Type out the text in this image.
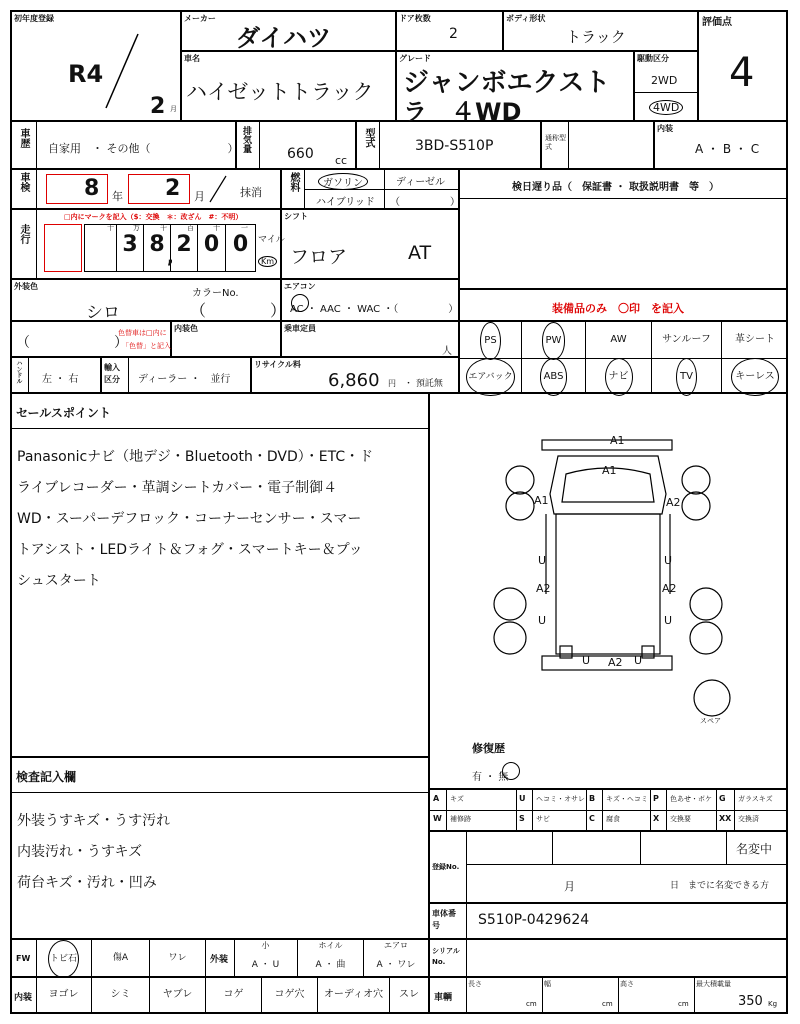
初年度登録
R4
2 月
メーカー
ダイハツ
ドア枚数
2
ボディ形状
トラック
評価点
4
車名
ハイゼットトラック
グレード
ジャンボエクスト
ラ　４WD
駆動区分
2WD
4WD
車歴
自家用　・ その他（　　　　　　　） 排気量
660 cc
型式	3BD-S510P	通称型式
内装
A ・ B ・ C
車検	8 年 2 月	抹消
燃料	ガソリン	ディーゼル
ハイブリッド （　　　　　）
検日遅り品（　保証書 ・ 取扱説明書　等　）
走行
□内にマークを記入（$：交換　＊：改ざん　#：不明）
十	万	千	百	十	一
3 8 2 0 0
,
マイル
Km
シフト
フロア	AT
外装色
シロ
カラーNo.
（　　　　）
エアコン
AC ・ AAC ・ WAC ・（　　　　　）	装備品のみ　〇印　を記入
（　　　　　　）
色替車は□内に
「色替」と記入
内装色	乗車定員
人
PS	PW	AW	サンルーフ	革シート
エアバック	ABS	ナビ	TV	キーレス
ハンドル 左 ・ 右
輸入区分	ディーラー ・　並行
リサイクル料
6,860 円 ・ 預託無
セールスポイント
Panasonicナビ（地デジ・Bluetooth・DVD）・ETC・ド
ライブレコーダー・革調シートカバー・電子制御４
WD・スーパーデフロック・コーナーセンサー・スマー
トアシスト・LEDライト＆フォグ・スマートキー＆プッ
シュスタート
A1
A1
A1	A2
U	U
A2	A2
U	U
U A2 U
スペア
修復歴
有 ・ 無
検査記入欄
外装うすキズ・うす汚れ
内装汚れ・うすキズ
荷台キズ・汚れ・凹み
A キズ	U ヘコミ・オサレ B キズ・ヘコミ P 色あせ・ボケ G ガラスキズ
W 補修跡	S サビ	C 腐食	X 交換要	XX 交換済
登録No.
名変中
月	日　までに名変できる方
車体番号	S510P-0429624
FW	トビ石	傷A	ワレ	外装
小
A ・ U
ホイル
A ・ 曲
エアロ
A ・ ワレ
シリアルNo.
内装	ヨゴレ	シミ	ヤブレ	コゲ	コゲ穴	オーディオ穴	スレ	車輌
長さ	幅	高さ	最大積載量
cm	cm	cm	350 Kg
